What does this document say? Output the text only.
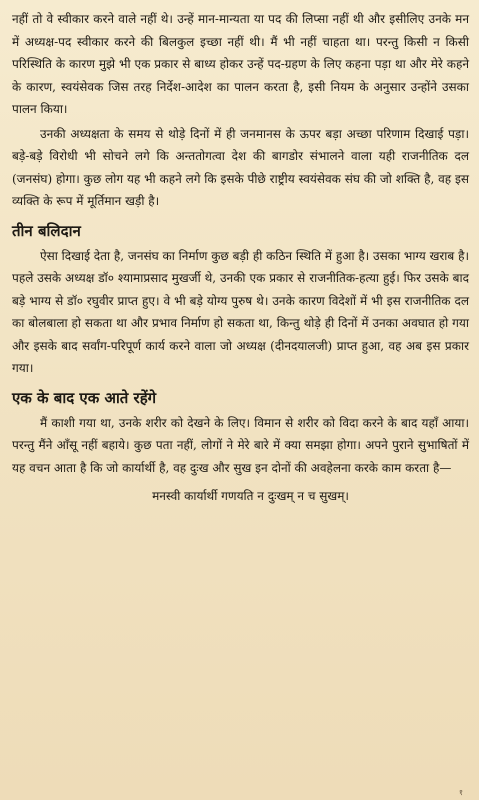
नहीं तो वे स्वीकार करने वाले नहीं थे। उन्हें मान-मान्यता या पद की लिप्सा नहीं थी और इसीलिए उनके मन में अध्यक्ष-पद स्वीकार करने की बिलकुल इच्छा नहीं थी। मैं भी नहीं चाहता था। परन्तु किसी न किसी परिस्थिति के कारण मुझे भी एक प्रकार से बाध्य होकर उन्हें पद-ग्रहण के लिए कहना पड़ा था और मेरे कहने के कारण, स्वयंसेवक जिस तरह निर्देश-आदेश का पालन करता है, इसी नियम के अनुसार उन्होंने उसका पालन किया।

उनकी अध्यक्षता के समय से थोड़े दिनों में ही जनमानस के ऊपर बड़ा अच्छा परिणाम दिखाई पड़ा। बड़े-बड़े विरोधी भी सोचने लगे कि अन्ततोगत्वा देश की बागडोर संभालने वाला यही राजनीतिक दल (जनसंघ) होगा। कुछ लोग यह भी कहने लगे कि इसके पीछे राष्ट्रीय स्वयंसेवक संघ की जो शक्ति है, वह इस व्यक्ति के रूप में मूर्तिमान खड़ी है।

तीन बलिदान

ऐसा दिखाई देता है, जनसंघ का निर्माण कुछ बड़ी ही कठिन स्थिति में हुआ है। उसका भाग्य खराब है। पहले उसके अध्यक्ष डॉ० श्यामाप्रसाद मुखर्जी थे, उनकी एक प्रकार से राजनीतिक-हत्या हुई। फिर उसके बाद बड़े भाग्य से डॉ० रघुवीर प्राप्त हुए। वे भी बड़े योग्य पुरुष थे। उनके कारण विदेशों में भी इस राजनीतिक दल का बोलबाला हो सकता था और प्रभाव निर्माण हो सकता था, किन्तु थोड़े ही दिनों में उनका अवघात हो गया और इसके बाद सर्वांग-परिपूर्ण कार्य करने वाला जो अध्यक्ष (दीनदयालजी) प्राप्त हुआ, वह अब इस प्रकार गया।

एक के बाद एक आते रहेंगे

मैं काशी गया था, उनके शरीर को देखने के लिए। विमान से शरीर को विदा करने के बाद यहाँ आया। परन्तु मैंने आँसू नहीं बहाये। कुछ पता नहीं, लोगों ने मेरे बारे में क्या समझा होगा। अपने पुराने सुभाषितों में यह वचन आता है कि जो कार्यार्थी है, वह दुःख और सुख इन दोनों की अवहेलना करके काम करता है—

मनस्वी कार्यार्थी गणयति न दुःखम् न च सुखम्।

१
